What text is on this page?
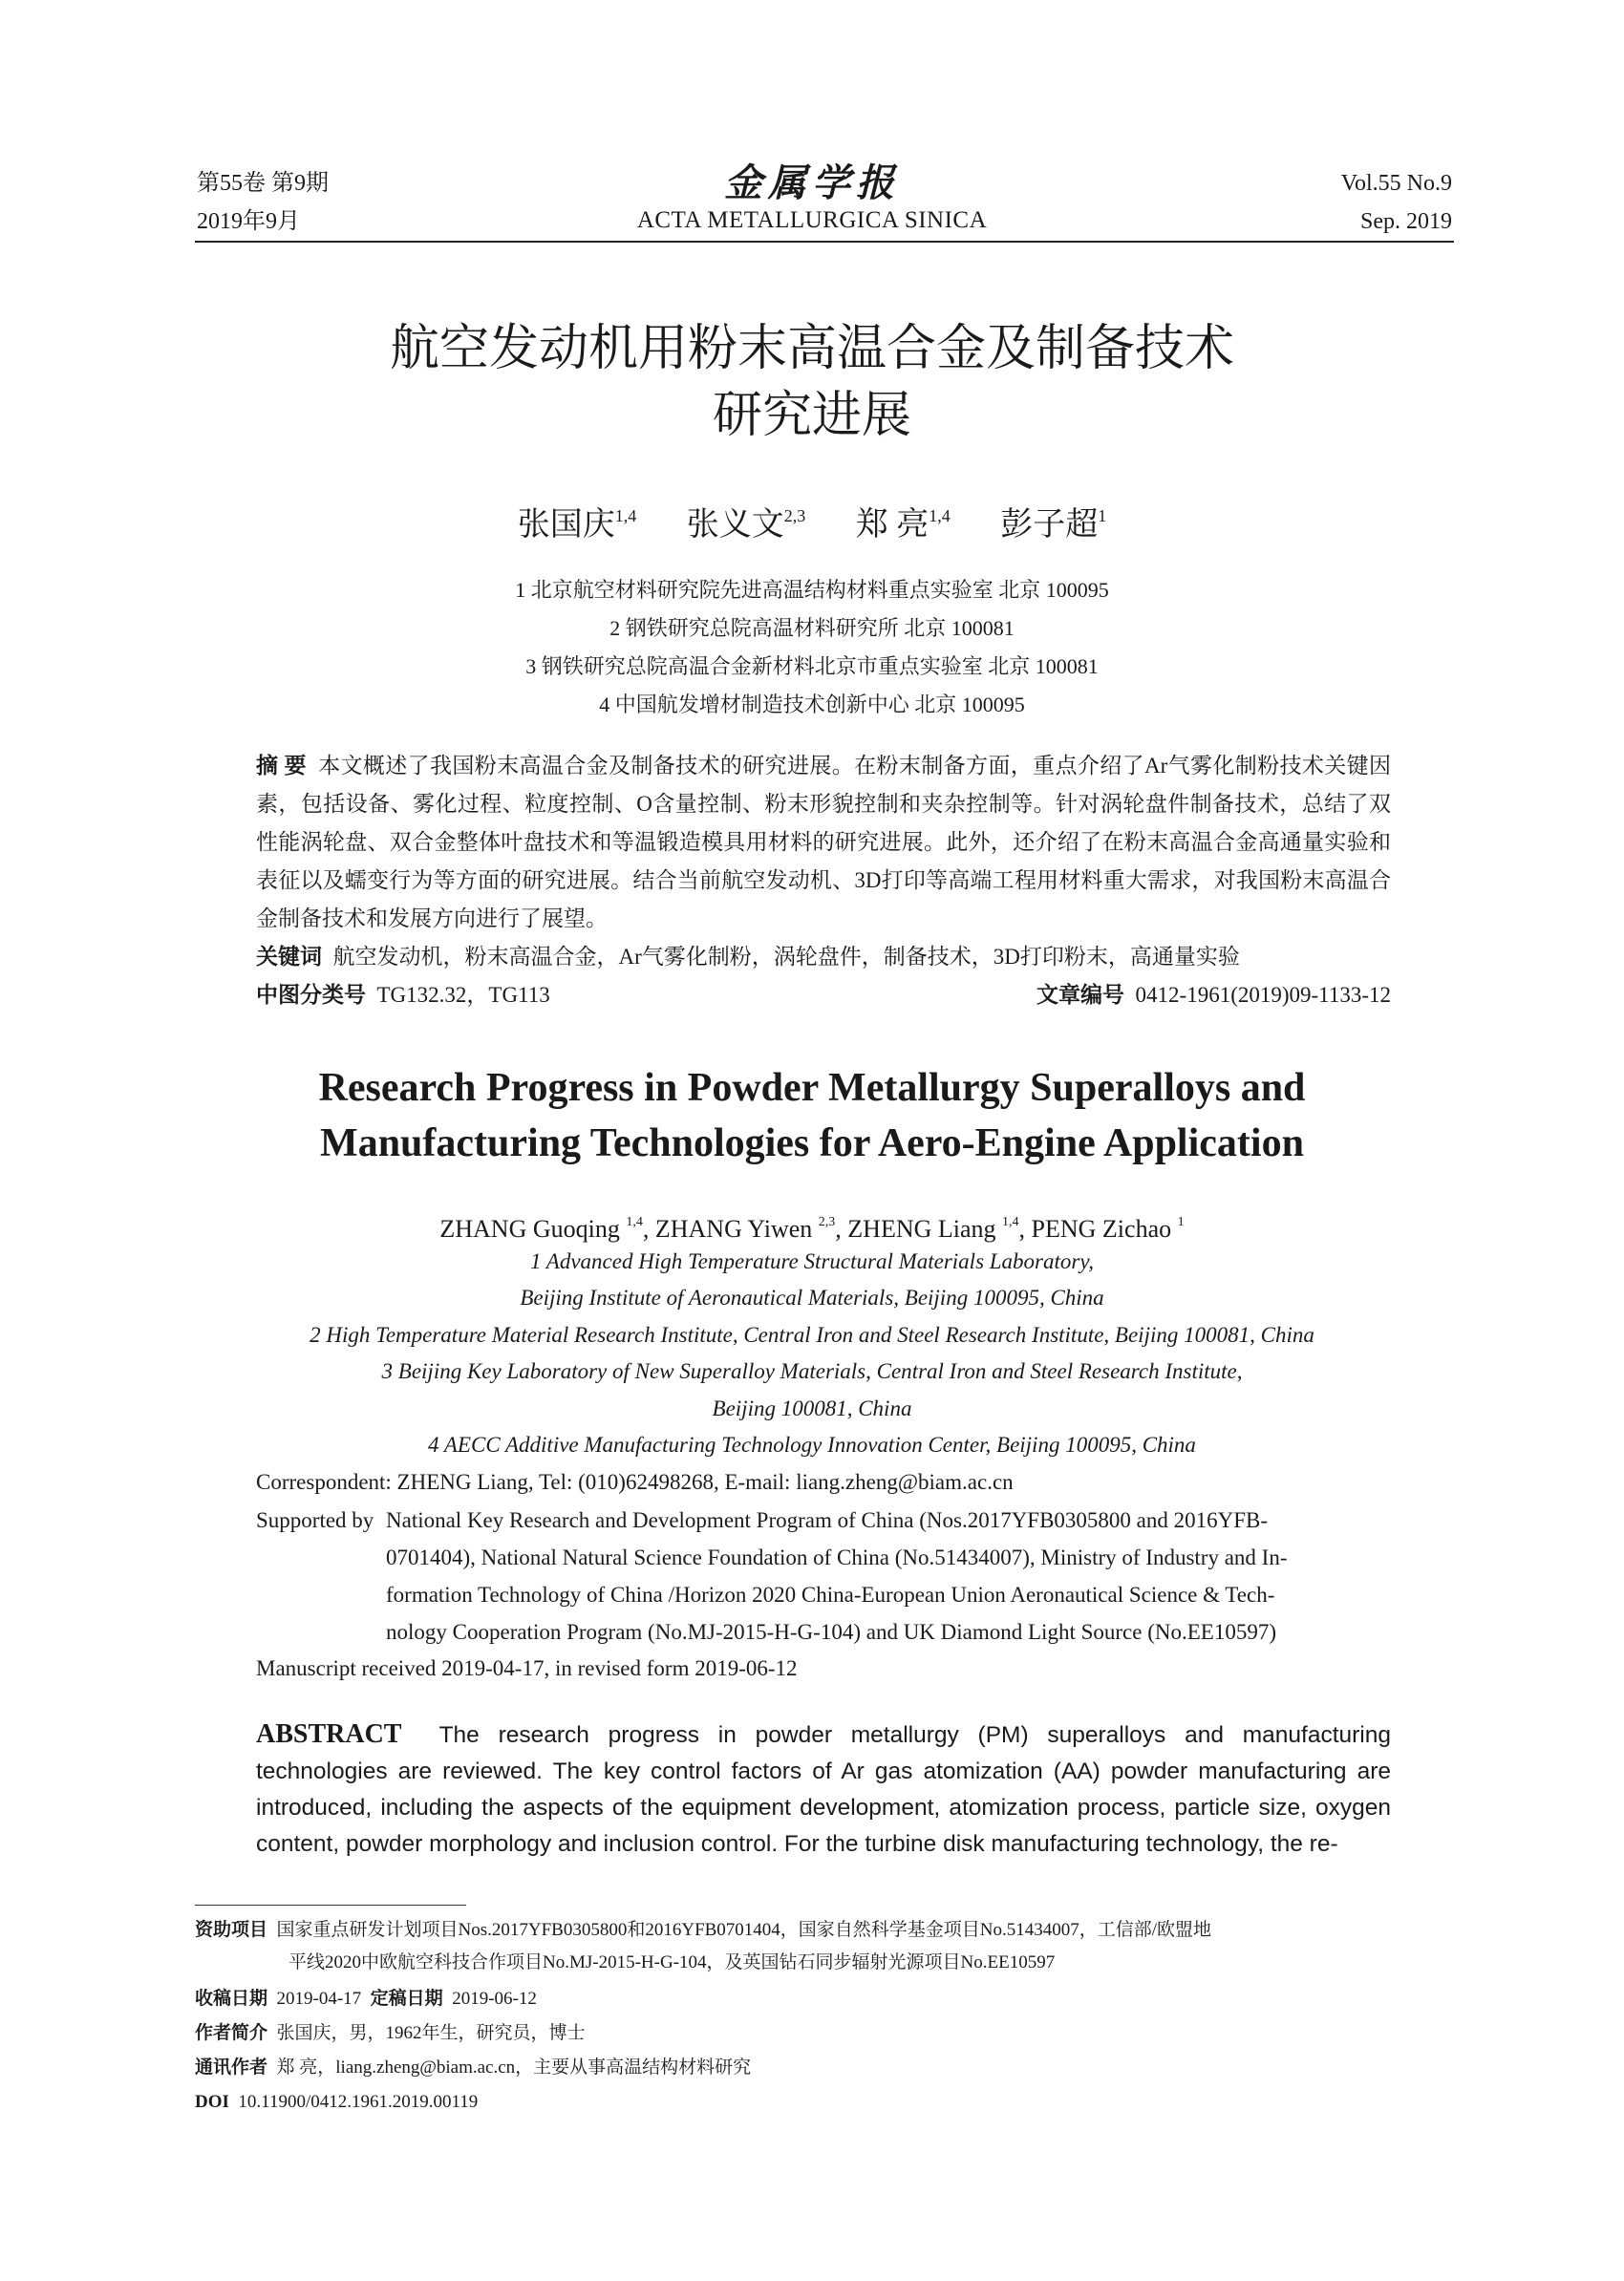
第55卷 第9期
2019年9月
金属学报
ACTA METALLURGICA SINICA
Vol.55 No.9
Sep. 2019
航空发动机用粉末高温合金及制备技术
研究进展
张国庆$^{1,4}$ 张义文$^{2,3}$ 郑 亮$^{1,4}$ 彭子超$^1$
1 北京航空材料研究院先进高温结构材料重点实验室 北京 100095
2 钢铁研究总院高温材料研究所 北京 100081
3 钢铁研究总院高温合金新材料北京市重点实验室 北京 100081
4 中国航发增材制造技术创新中心 北京 100095
摘 要 本文概述了我国粉末高温合金及制备技术的研究进展。在粉末制备方面，重点介绍了Ar气雾化制粉技术关键因素，包括设备、雾化过程、粒度控制、O含量控制、粉末形貌控制和夹杂控制等。针对涡轮盘件制备技术，总结了双性能涡轮盘、双合金整体叶盘技术和等温锻造模具用材料的研究进展。此外，还介绍了在粉末高温合金高通量实验和表征以及蠕变行为等方面的研究进展。结合当前航空发动机、3D打印等高端工程用材料重大需求，对我国粉末高温合金制备技术和发展方向进行了展望。
关键词 航空发动机，粉末高温合金，Ar气雾化制粉，涡轮盘件，制备技术，3D打印粉末，高通量实验
中图分类号 TG132.32，TG113	文章编号 0412-1961(2019)09-1133-12
Research Progress in Powder Metallurgy Superalloys and
Manufacturing Technologies for Aero-Engine Application
ZHANG Guoqing $^{1,4}$, ZHANG Yiwen $^{2,3}$, ZHENG Liang $^{1,4}$, PENG Zichao $^1$
1 Advanced High Temperature Structural Materials Laboratory,
Beijing Institute of Aeronautical Materials, Beijing 100095, China
2 High Temperature Material Research Institute, Central Iron and Steel Research Institute, Beijing 100081, China
3 Beijing Key Laboratory of New Superalloy Materials, Central Iron and Steel Research Institute,
Beijing 100081, China
4 AECC Additive Manufacturing Technology Innovation Center, Beijing 100095, China
Correspondent: ZHENG Liang, Tel: (010)62498268, E-mail: liang.zheng@biam.ac.cn
Supported by National Key Research and Development Program of China (Nos.2017YFB0305800 and 2016YFB-
0701404), National Natural Science Foundation of China (No.51434007), Ministry of Industry and In-
formation Technology of China /Horizon 2020 China-European Union Aeronautical Science & Tech-
nology Cooperation Program (No.MJ-2015-H-G-104) and UK Diamond Light Source (No.EE10597)
Manuscript received 2019-04-17, in revised form 2019-06-12
ABSTRACT The research progress in powder metallurgy (PM) superalloys and manufacturing technologies are reviewed. The key control factors of Ar gas atomization (AA) powder manufacturing are introduced, including the aspects of the equipment development, atomization process, particle size, oxygen content, powder morphology and inclusion control. For the turbine disk manufacturing technology, the re-
资助项目 国家重点研发计划项目Nos.2017YFB0305800和2016YFB0701404，国家自然科学基金项目No.51434007，工信部/欧盟地
平线2020中欧航空科技合作项目No.MJ-2015-H-G-104，及英国钻石同步辐射光源项目No.EE10597
收稿日期 2019-04-17 定稿日期 2019-06-12
作者简介 张国庆，男，1962年生，研究员，博士
通讯作者 郑 亮，liang.zheng@biam.ac.cn，主要从事高温结构材料研究
DOI 10.11900/0412.1961.2019.00119
